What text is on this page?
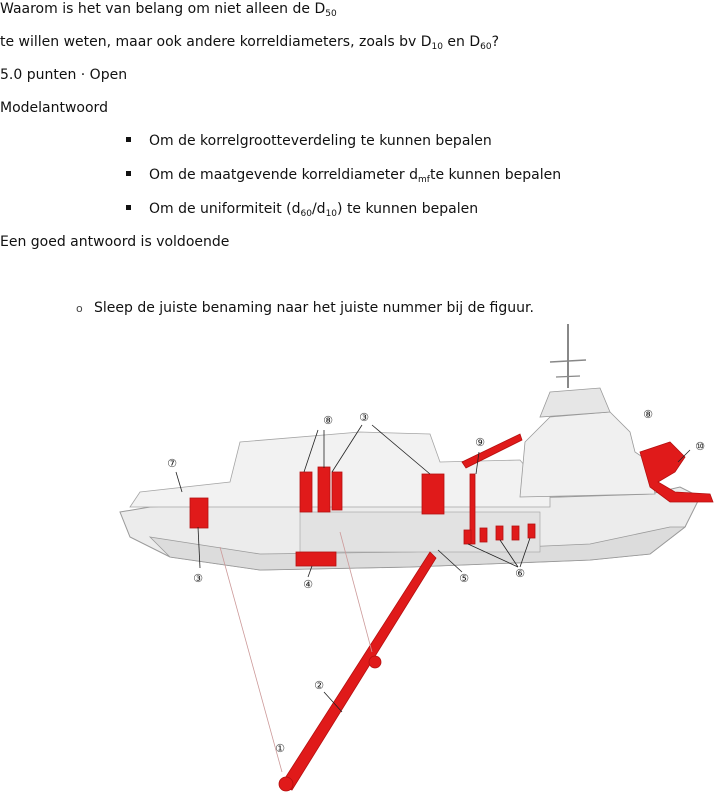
Waarom is het van belang om niet alleen de $D_{50}$
te willen weten, maar ook andere korreldiameters, zoals bv $D_{10}$ en $D_{60}$?
5.0 punten · Open
Modelantwoord
Om de korrelgrootteverdeling te kunnen bepalen
Om de maatgevende korreldiameter $d_{mf}te$ kunnen bepalen
Om de uniformiteit $(d_{60}/d_{10})$ te kunnen bepalen
Een goed antwoord is voldoende
o Sleep de juiste benaming naar het juiste nummer bij de figuur.
⑦
⑧ ③
⑨
⑧
⑩
③	④	⑤	⑥
②
①
